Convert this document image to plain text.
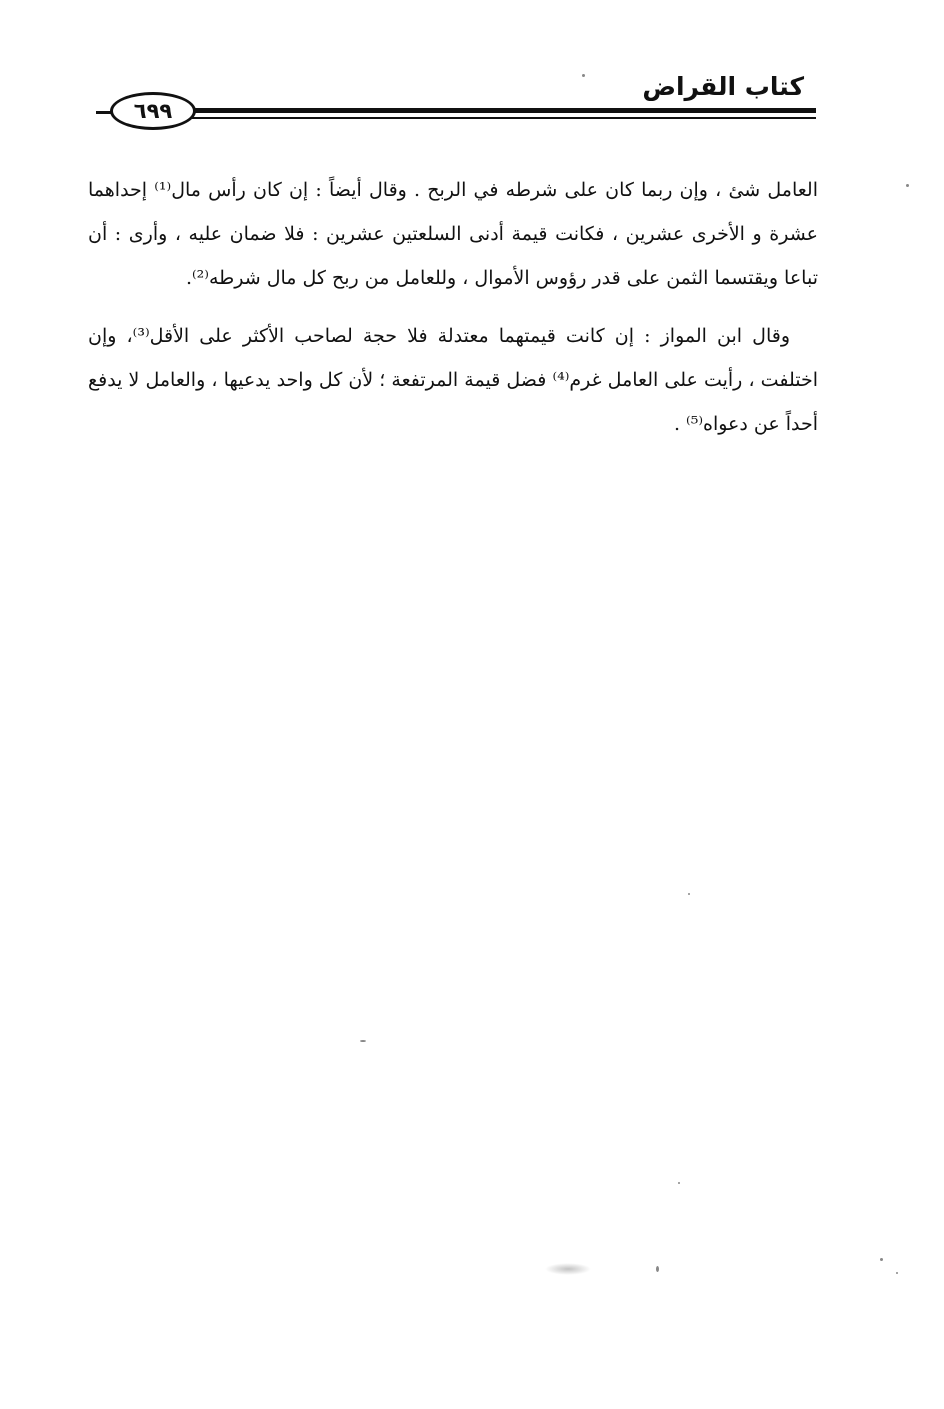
كتاب القراض
٦٩٩

العامل شئ ، وإن ربما كان على شرطه في الربح . وقال أيضاً : إن كان رأس مال⁽¹⁾ إحداهما عشرة و الأخرى عشرين ، فكانت قيمة أدنى السلعتين عشرين : فلا ضمان عليه ، وأرى : أن تباعا ويقتسما الثمن على قدر رؤوس الأموال ، وللعامل من ربح كل مال شرطه⁽²⁾.

وقال ابن المواز : إن كانت قيمتهما معتدلة فلا حجة لصاحب الأكثر على الأقل⁽³⁾، وإن اختلفت ، رأيت على العامل غرم⁽⁴⁾ فضل قيمة المرتفعة ؛ لأن كل واحد يدعيها ، والعامل لا يدفع أحداً عن دعواه⁽⁵⁾ .
